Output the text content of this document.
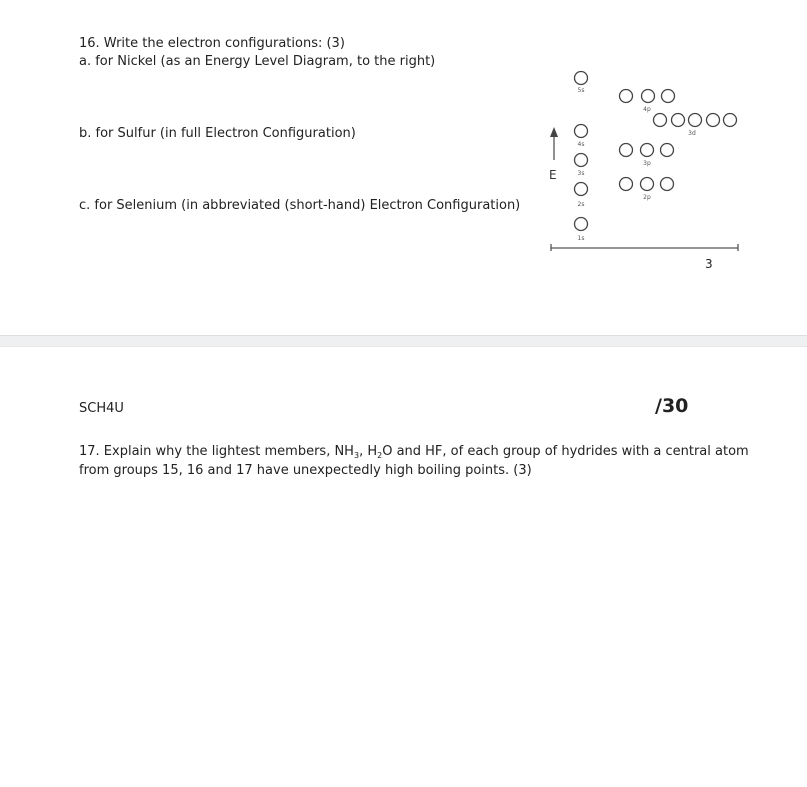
16. Write the electron configurations: (3)
a. for Nickel (as an Energy Level Diagram, to the right)
b. for Sulfur (in full Electron Configuration)
c. for Selenium (in abbreviated (short-hand) Electron Configuration)
E
5s
4s
3s
2s
1s
4p
3d
3p
2p
3
SCH4U	/30
17. Explain why the lightest members, $NH_3$, $H_2O$ and HF, of each group of hydrides with a central atom
from groups 15, 16 and 17 have unexpectedly high boiling points. (3)
